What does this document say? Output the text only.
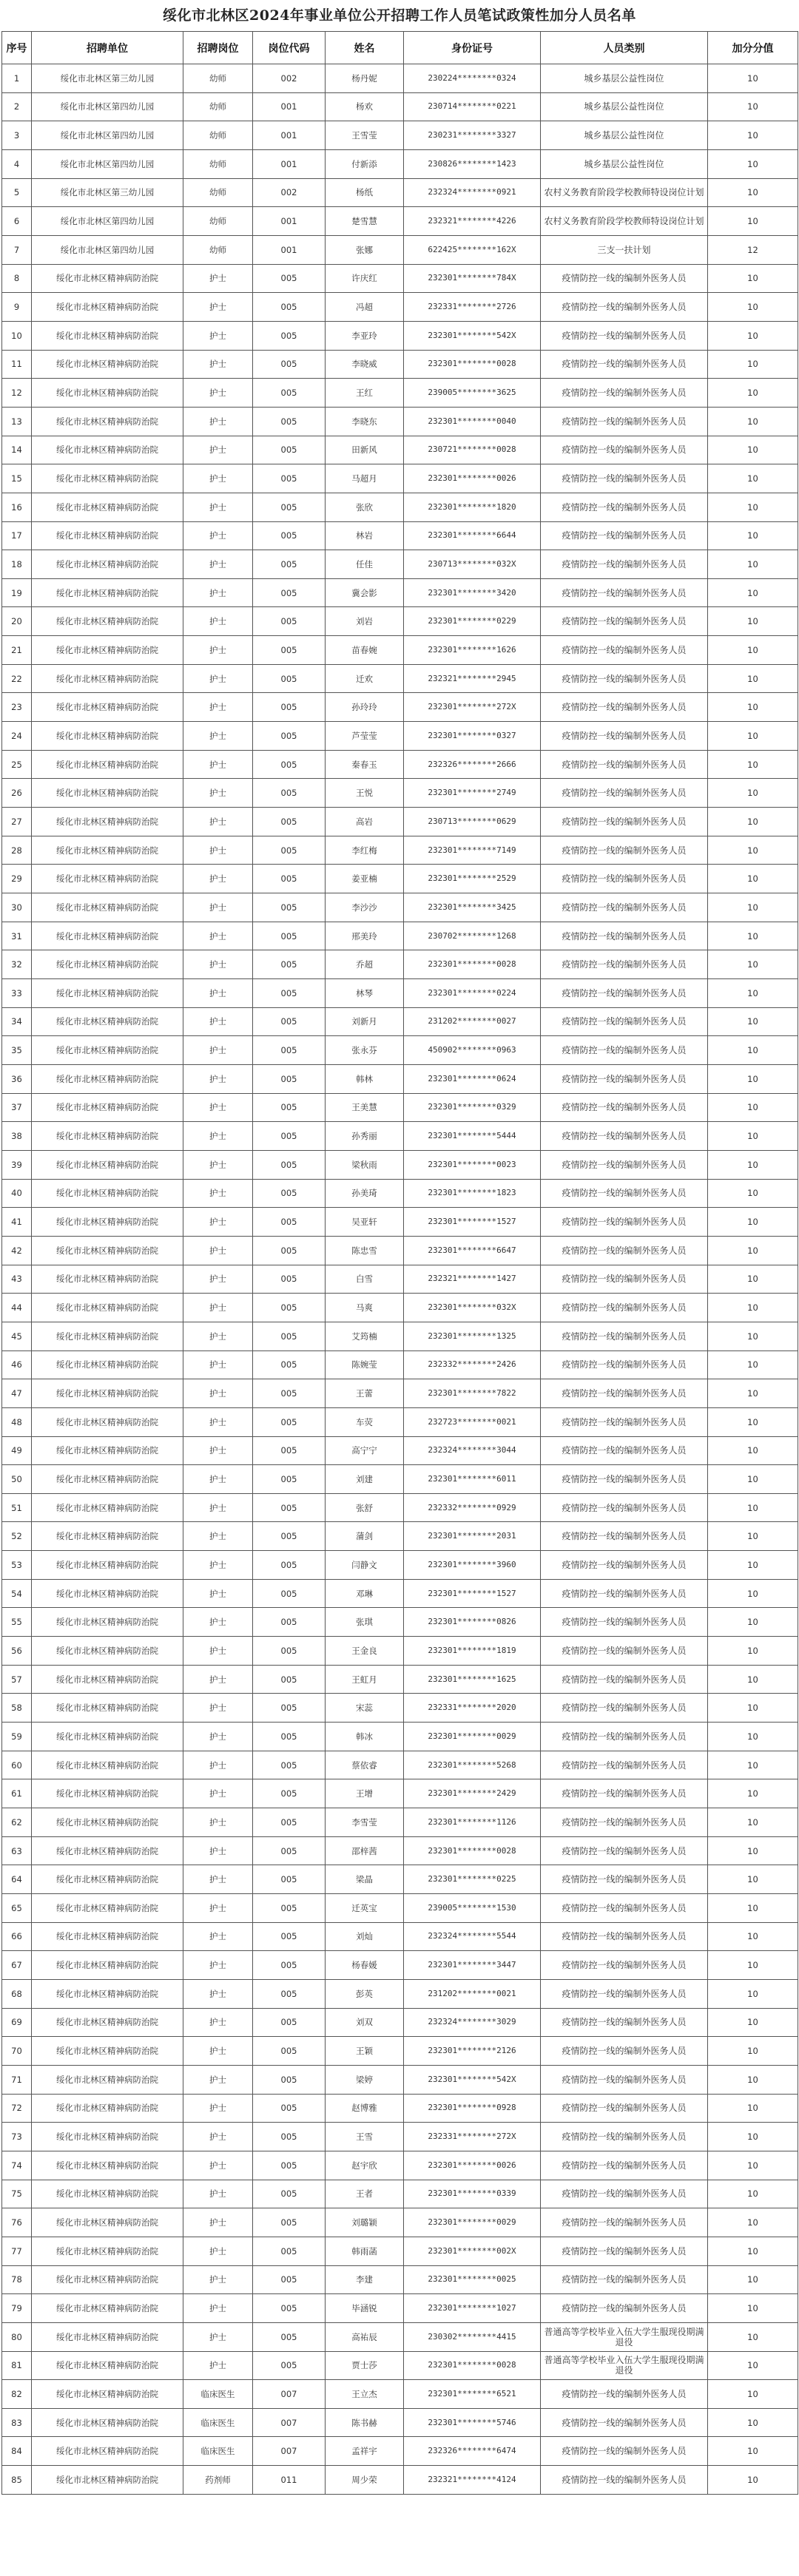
绥化市北林区2024年事业单位公开招聘工作人员笔试政策性加分人员名单
序号	招聘单位	招聘岗位	岗位代码	姓名	身份证号	人员类别	加分分值
1	绥化市北林区第三幼儿园	幼师	002	杨丹妮	230224********0324	城乡基层公益性岗位	10
2	绥化市北林区第四幼儿园	幼师	001	杨欢	230714********0221	城乡基层公益性岗位	10
3	绥化市北林区第四幼儿园	幼师	001	王雪莹	230231********3327	城乡基层公益性岗位	10
4	绥化市北林区第四幼儿园	幼师	001	付新添	230826********1423	城乡基层公益性岗位	10
5	绥化市北林区第三幼儿园	幼师	002	杨纸	232324********0921	农村义务教育阶段学校教师特设岗位计划	10
6	绥化市北林区第四幼儿园	幼师	001	楚雪慧	232321********4226	农村义务教育阶段学校教师特设岗位计划	10
7	绥化市北林区第四幼儿园	幼师	001	张娜	622425********162X	三支一扶计划	12
8	绥化市北林区精神病防治院	护士	005	许庆红	232301********784X	疫情防控一线的编制外医务人员	10
9	绥化市北林区精神病防治院	护士	005	冯超	232331********2726	疫情防控一线的编制外医务人员	10
10	绥化市北林区精神病防治院	护士	005	李亚玲	232301********542X	疫情防控一线的编制外医务人员	10
11	绥化市北林区精神病防治院	护士	005	李晓威	232301********0028	疫情防控一线的编制外医务人员	10
12	绥化市北林区精神病防治院	护士	005	王红	239005********3625	疫情防控一线的编制外医务人员	10
13	绥化市北林区精神病防治院	护士	005	李晓东	232301********0040	疫情防控一线的编制外医务人员	10
14	绥化市北林区精神病防治院	护士	005	田新风	230721********0028	疫情防控一线的编制外医务人员	10
15	绥化市北林区精神病防治院	护士	005	马超月	232301********0026	疫情防控一线的编制外医务人员	10
16	绥化市北林区精神病防治院	护士	005	张欣	232301********1820	疫情防控一线的编制外医务人员	10
17	绥化市北林区精神病防治院	护士	005	林岩	232301********6644	疫情防控一线的编制外医务人员	10
18	绥化市北林区精神病防治院	护士	005	任佳	230713********032X	疫情防控一线的编制外医务人员	10
19	绥化市北林区精神病防治院	护士	005	冀会影	232301********3420	疫情防控一线的编制外医务人员	10
20	绥化市北林区精神病防治院	护士	005	刘岩	232301********0229	疫情防控一线的编制外医务人员	10
21	绥化市北林区精神病防治院	护士	005	苗春婉	232301********1626	疫情防控一线的编制外医务人员	10
22	绥化市北林区精神病防治院	护士	005	迁欢	232321********2945	疫情防控一线的编制外医务人员	10
23	绥化市北林区精神病防治院	护士	005	孙玲玲	232301********272X	疫情防控一线的编制外医务人员	10
24	绥化市北林区精神病防治院	护士	005	芦莹莹	232301********0327	疫情防控一线的编制外医务人员	10
25	绥化市北林区精神病防治院	护士	005	秦春玉	232326********2666	疫情防控一线的编制外医务人员	10
26	绥化市北林区精神病防治院	护士	005	王悦	232301********2749	疫情防控一线的编制外医务人员	10
27	绥化市北林区精神病防治院	护士	005	高岩	230713********0629	疫情防控一线的编制外医务人员	10
28	绥化市北林区精神病防治院	护士	005	李红梅	232301********7149	疫情防控一线的编制外医务人员	10
29	绥化市北林区精神病防治院	护士	005	姜亚楠	232301********2529	疫情防控一线的编制外医务人员	10
30	绥化市北林区精神病防治院	护士	005	李沙沙	232301********3425	疫情防控一线的编制外医务人员	10
31	绥化市北林区精神病防治院	护士	005	邢美玲	230702********1268	疫情防控一线的编制外医务人员	10
32	绥化市北林区精神病防治院	护士	005	乔超	232301********0028	疫情防控一线的编制外医务人员	10
33	绥化市北林区精神病防治院	护士	005	林琴	232301********0224	疫情防控一线的编制外医务人员	10
34	绥化市北林区精神病防治院	护士	005	刘新月	231202********0027	疫情防控一线的编制外医务人员	10
35	绥化市北林区精神病防治院	护士	005	张永芬	450902********0963	疫情防控一线的编制外医务人员	10
36	绥化市北林区精神病防治院	护士	005	韩林	232301********0624	疫情防控一线的编制外医务人员	10
37	绥化市北林区精神病防治院	护士	005	王美慧	232301********0329	疫情防控一线的编制外医务人员	10
38	绥化市北林区精神病防治院	护士	005	孙秀丽	232301********5444	疫情防控一线的编制外医务人员	10
39	绥化市北林区精神病防治院	护士	005	梁秋雨	232301********0023	疫情防控一线的编制外医务人员	10
40	绥化市北林区精神病防治院	护士	005	孙美琦	232301********1823	疫情防控一线的编制外医务人员	10
41	绥化市北林区精神病防治院	护士	005	吴亚轩	232301********1527	疫情防控一线的编制外医务人员	10
42	绥化市北林区精神病防治院	护士	005	陈忠雪	232301********6647	疫情防控一线的编制外医务人员	10
43	绥化市北林区精神病防治院	护士	005	白雪	232321********1427	疫情防控一线的编制外医务人员	10
44	绥化市北林区精神病防治院	护士	005	马爽	232301********032X	疫情防控一线的编制外医务人员	10
45	绥化市北林区精神病防治院	护士	005	艾筠楠	232301********1325	疫情防控一线的编制外医务人员	10
46	绥化市北林区精神病防治院	护士	005	陈婉莹	232332********2426	疫情防控一线的编制外医务人员	10
47	绥化市北林区精神病防治院	护士	005	王蕾	232301********7822	疫情防控一线的编制外医务人员	10
48	绥化市北林区精神病防治院	护士	005	车荧	232723********0021	疫情防控一线的编制外医务人员	10
49	绥化市北林区精神病防治院	护士	005	高宁宁	232324********3044	疫情防控一线的编制外医务人员	10
50	绥化市北林区精神病防治院	护士	005	刘建	232301********6011	疫情防控一线的编制外医务人员	10
51	绥化市北林区精神病防治院	护士	005	张舒	232332********0929	疫情防控一线的编制外医务人员	10
52	绥化市北林区精神病防治院	护士	005	蒲剑	232301********2031	疫情防控一线的编制外医务人员	10
53	绥化市北林区精神病防治院	护士	005	闫静文	232301********3960	疫情防控一线的编制外医务人员	10
54	绥化市北林区精神病防治院	护士	005	邓琳	232301********1527	疫情防控一线的编制外医务人员	10
55	绥化市北林区精神病防治院	护士	005	张琪	232301********0826	疫情防控一线的编制外医务人员	10
56	绥化市北林区精神病防治院	护士	005	王金良	232301********1819	疫情防控一线的编制外医务人员	10
57	绥化市北林区精神病防治院	护士	005	王虹月	232301********1625	疫情防控一线的编制外医务人员	10
58	绥化市北林区精神病防治院	护士	005	宋蕊	232331********2020	疫情防控一线的编制外医务人员	10
59	绥化市北林区精神病防治院	护士	005	韩冰	232301********0029	疫情防控一线的编制外医务人员	10
60	绥化市北林区精神病防治院	护士	005	蔡依睿	232301********5268	疫情防控一线的编制外医务人员	10
61	绥化市北林区精神病防治院	护士	005	王增	232301********2429	疫情防控一线的编制外医务人员	10
62	绥化市北林区精神病防治院	护士	005	李雪莹	232301********1126	疫情防控一线的编制外医务人员	10
63	绥化市北林区精神病防治院	护士	005	邵梓茜	232301********0028	疫情防控一线的编制外医务人员	10
64	绥化市北林区精神病防治院	护士	005	梁晶	232301********0225	疫情防控一线的编制外医务人员	10
65	绥化市北林区精神病防治院	护士	005	迁英宝	239005********1530	疫情防控一线的编制外医务人员	10
66	绥化市北林区精神病防治院	护士	005	刘灿	232324********5544	疫情防控一线的编制外医务人员	10
67	绥化市北林区精神病防治院	护士	005	杨春媛	232301********3447	疫情防控一线的编制外医务人员	10
68	绥化市北林区精神病防治院	护士	005	彭英	231202********0021	疫情防控一线的编制外医务人员	10
69	绥化市北林区精神病防治院	护士	005	刘双	232324********3029	疫情防控一线的编制外医务人员	10
70	绥化市北林区精神病防治院	护士	005	王颖	232301********2126	疫情防控一线的编制外医务人员	10
71	绥化市北林区精神病防治院	护士	005	梁婷	232301********542X	疫情防控一线的编制外医务人员	10
72	绥化市北林区精神病防治院	护士	005	赵博雅	232301********0928	疫情防控一线的编制外医务人员	10
73	绥化市北林区精神病防治院	护士	005	王雪	232331********272X	疫情防控一线的编制外医务人员	10
74	绥化市北林区精神病防治院	护士	005	赵宇欣	232301********0026	疫情防控一线的编制外医务人员	10
75	绥化市北林区精神病防治院	护士	005	王者	232301********0339	疫情防控一线的编制外医务人员	10
76	绥化市北林区精神病防治院	护士	005	刘璐颖	232301********0029	疫情防控一线的编制外医务人员	10
77	绥化市北林区精神病防治院	护士	005	韩雨菡	232301********002X	疫情防控一线的编制外医务人员	10
78	绥化市北林区精神病防治院	护士	005	李建	232301********0025	疫情防控一线的编制外医务人员	10
79	绥化市北林区精神病防治院	护士	005	毕涵锐	232301********1027	疫情防控一线的编制外医务人员	10
80	绥化市北林区精神病防治院	护士	005	高祐辰	230302********4415	普通高等学校毕业入伍大学生服现役期满退役	10
81	绥化市北林区精神病防治院	护士	005	贾士莎	232301********0028	普通高等学校毕业入伍大学生服现役期满退役	10
82	绥化市北林区精神病防治院	临床医生	007	王立杰	232301********6521	疫情防控一线的编制外医务人员	10
83	绥化市北林区精神病防治院	临床医生	007	陈书赫	232301********5746	疫情防控一线的编制外医务人员	10
84	绥化市北林区精神病防治院	临床医生	007	孟祥宇	232326********6474	疫情防控一线的编制外医务人员	10
85	绥化市北林区精神病防治院	药剂师	011	周少荣	232321********4124	疫情防控一线的编制外医务人员	10
